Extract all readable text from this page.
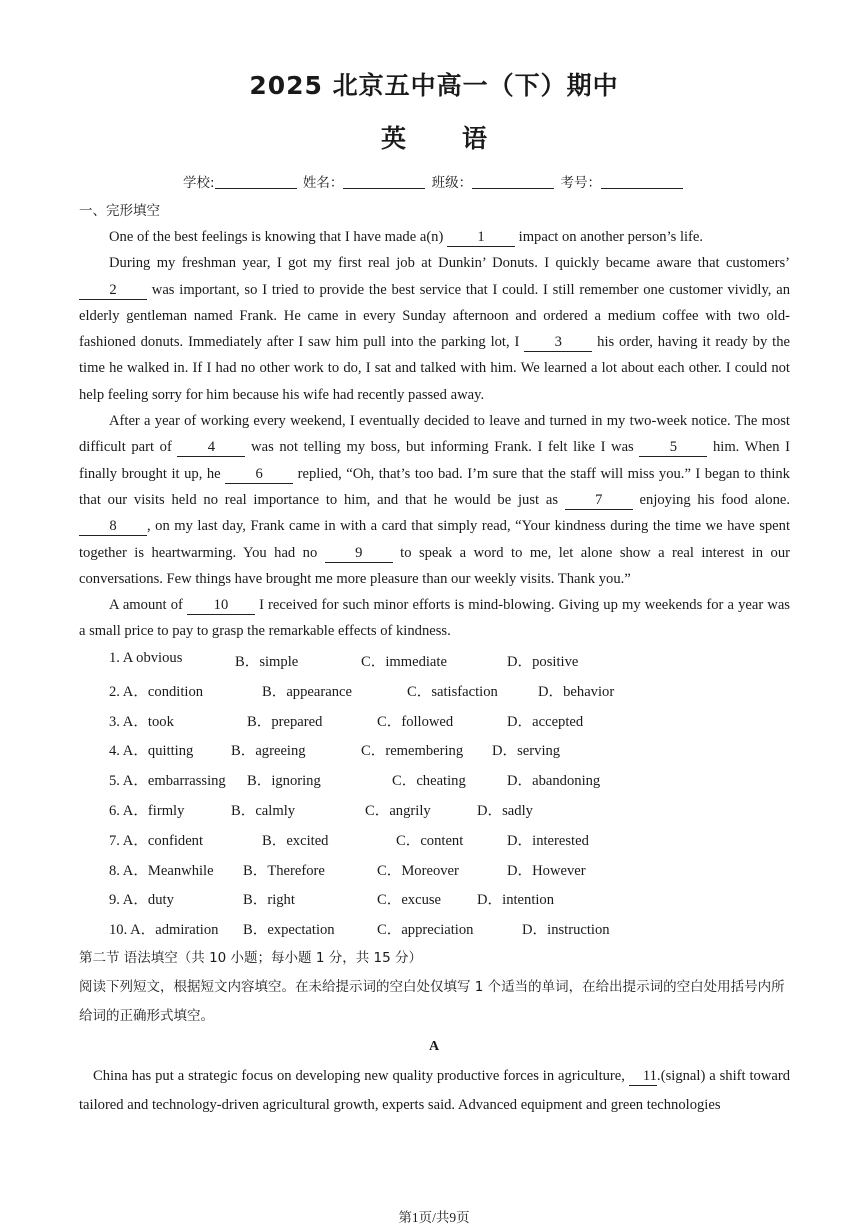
2025 北京五中高一（下）期中
英 语
学校:	姓名：	班级：	考号：
一、完形填空

One of the best feelings is knowing that I have made a(n) 1 impact on another person’s life.

During my freshman year, I got my first real job at Dunkin’ Donuts. I quickly became aware that customers’ 2 was important, so I tried to provide the best service that I could. I still remember one customer vividly, an elderly gentleman named Frank. He came in every Sunday afternoon and ordered a medium coffee with two old-fashioned donuts. Immediately after I saw him pull into the parking lot, I 3 his order, having it ready by the time he walked in. If I had no other work to do, I sat and talked with him. We learned a lot about each other. I could not help feeling sorry for him because his wife had recently passed away.

After a year of working every weekend, I eventually decided to leave and turned in my two-week notice. The most difficult part of 4 was not telling my boss, but informing Frank. I felt like I was 5 him. When I finally brought it up, he 6 replied, “Oh, that’s too bad. I’m sure that the staff will miss you.” I began to think that our visits held no real importance to him, and that he would be just as 7 enjoying his food alone. 8 , on my last day, Frank came in with a card that simply read, “Your kindness during the time we have spent together is heartwarming. You had no 9 to speak a word to me, let alone show a real interest in our conversations. Few things have brought me more pleasure than our weekly visits. Thank you.”

A amount of 10 I received for such minor efforts is mind-blowing. Giving up my weekends for a year was a small price to pay to grasp the remarkable effects of kindness.

1. A obvious	B．simple	C．immediate	D．positive
2. A．condition	B．appearance	C．satisfaction	D．behavior
3. A．took	B．prepared	C．followed	D．accepted
4. A．quitting	B．agreeing	C．remembering D．serving
5. A．embarrassing B．ignoring	C．cheating	D．abandoning
6. A．firmly	B．calmly	C．angrily	D．sadly
7. A．confident	B．excited	C．content	D．interested
8. A．Meanwhile B．Therefore	C．Moreover	D．However
9. A．duty	B．right	C．excuse D．intention
10. A．admiration B．expectation	C．appreciation	D．instruction
第二节 语法填空（共 10 小题；每小题 1 分，共 15 分）
阅读下列短文，根据短文内容填空。在未给提示词的空白处仅填写 1 个适当的单词，在给出提示词的空白处用括号内所给词的正确形式填空。
A

China has put a strategic focus on developing new quality productive forces in agriculture, 11. (signal) a shift toward tailored and technology-driven agricultural growth, experts said. Advanced equipment and green technologies

第1页/共9页
